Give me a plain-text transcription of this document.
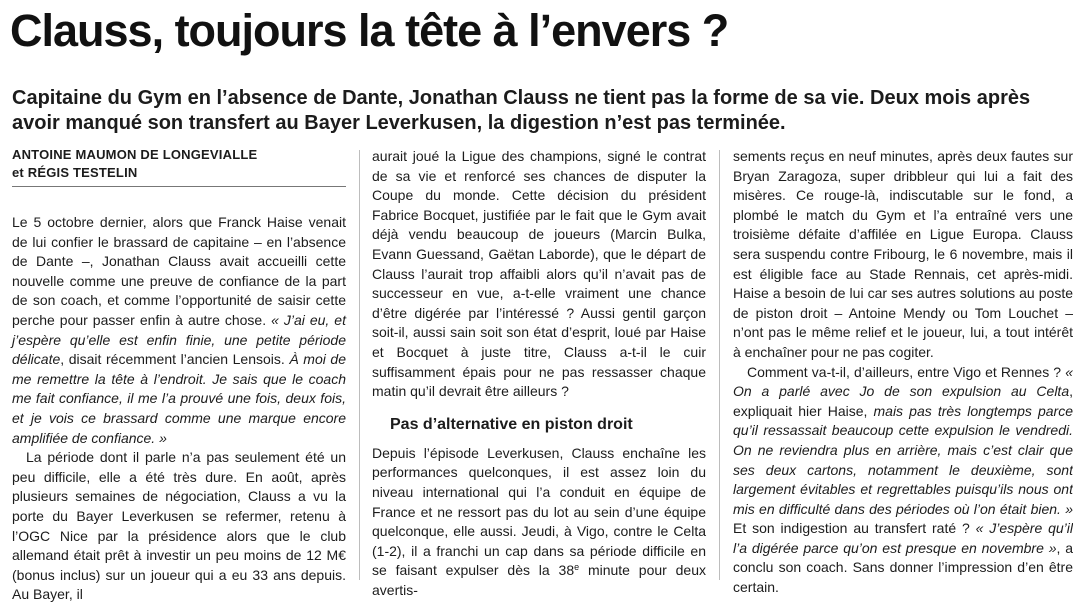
Clauss, toujours la tête à l’envers ?
Capitaine du Gym en l’absence de Dante, Jonathan Clauss ne tient pas la forme de sa vie. Deux mois après avoir manqué son transfert au Bayer Leverkusen, la digestion n’est pas terminée.
ANTOINE MAUMON DE LONGEVIALLE
et RÉGIS TESTELIN

Le 5 octobre dernier, alors que Franck Haise venait de lui confier le brassard de capitaine – en l’absence de Dante –, Jonathan Clauss avait accueilli cette nouvelle comme une preuve de confiance de la part de son coach, et comme l’opportunité de saisir cette perche pour passer enfin à autre chose. « J’ai eu, et j’espère qu’elle est enfin finie, une petite période délicate, disait récemment l’ancien Lensois. À moi de me remettre la tête à l’endroit. Je sais que le coach me fait confiance, il me l’a prouvé une fois, deux fois, et je vois ce brassard comme une marque encore amplifiée de confiance. »

La période dont il parle n’a pas seulement été un peu difficile, elle a été très dure. En août, après plusieurs semaines de négociation, Clauss a vu la porte du Bayer Leverkusen se refermer, retenu à l’OGC Nice par la présidence alors que le club allemand était prêt à investir un peu moins de 12 M€ (bonus inclus) sur un joueur qui a eu 33 ans depuis. Au Bayer, il

aurait joué la Ligue des champions, signé le contrat de sa vie et renforcé ses chances de disputer la Coupe du monde. Cette décision du président Fabrice Bocquet, justifiée par le fait que le Gym avait déjà vendu beaucoup de joueurs (Marcin Bulka, Evann Guessand, Gaëtan Laborde), que le départ de Clauss l’aurait trop affaibli alors qu’il n’avait pas de successeur en vue, a-t-elle vraiment une chance d’être digérée par l’intéressé ? Aussi gentil garçon soit-il, aussi sain soit son état d’esprit, loué par Haise et Bocquet à juste titre, Clauss a-t-il le cuir suffisamment épais pour ne pas ressasser chaque matin qu’il devrait être ailleurs ?

Pas d’alternative en piston droit

Depuis l’épisode Leverkusen, Clauss enchaîne les performances quelconques, il est assez loin du niveau international qui l’a conduit en équipe de France et ne ressort pas du lot au sein d’une équipe quelconque, elle aussi. Jeudi, à Vigo, contre le Celta (1-2), il a franchi un cap dans sa période difficile en se faisant expulser dès la 38e minute pour deux avertis-

sements reçus en neuf minutes, après deux fautes sur Bryan Zaragoza, super dribbleur qui lui a fait des misères. Ce rouge-là, indiscutable sur le fond, a plombé le match du Gym et l’a entraîné vers une troisième défaite d’affilée en Ligue Europa. Clauss sera suspendu contre Fribourg, le 6 novembre, mais il est éligible face au Stade Rennais, cet après-midi. Haise a besoin de lui car ses autres solutions au poste de piston droit – Antoine Mendy ou Tom Louchet – n’ont pas le même relief et le joueur, lui, a tout intérêt à enchaîner pour ne pas cogiter.

Comment va-t-il, d’ailleurs, entre Vigo et Rennes ? « On a parlé avec Jo de son expulsion au Celta, expliquait hier Haise, mais pas très longtemps parce qu’il ressassait beaucoup cette expulsion le vendredi. On ne reviendra plus en arrière, mais c’est clair que ses deux cartons, notamment le deuxième, sont largement évitables et regrettables puisqu’ils nous ont mis en difficulté dans des périodes où l’on était bien. » Et son indigestion au transfert raté ? « J’espère qu’il l’a digérée parce qu’on est presque en novembre », a conclu son coach. Sans donner l’impression d’en être certain.
